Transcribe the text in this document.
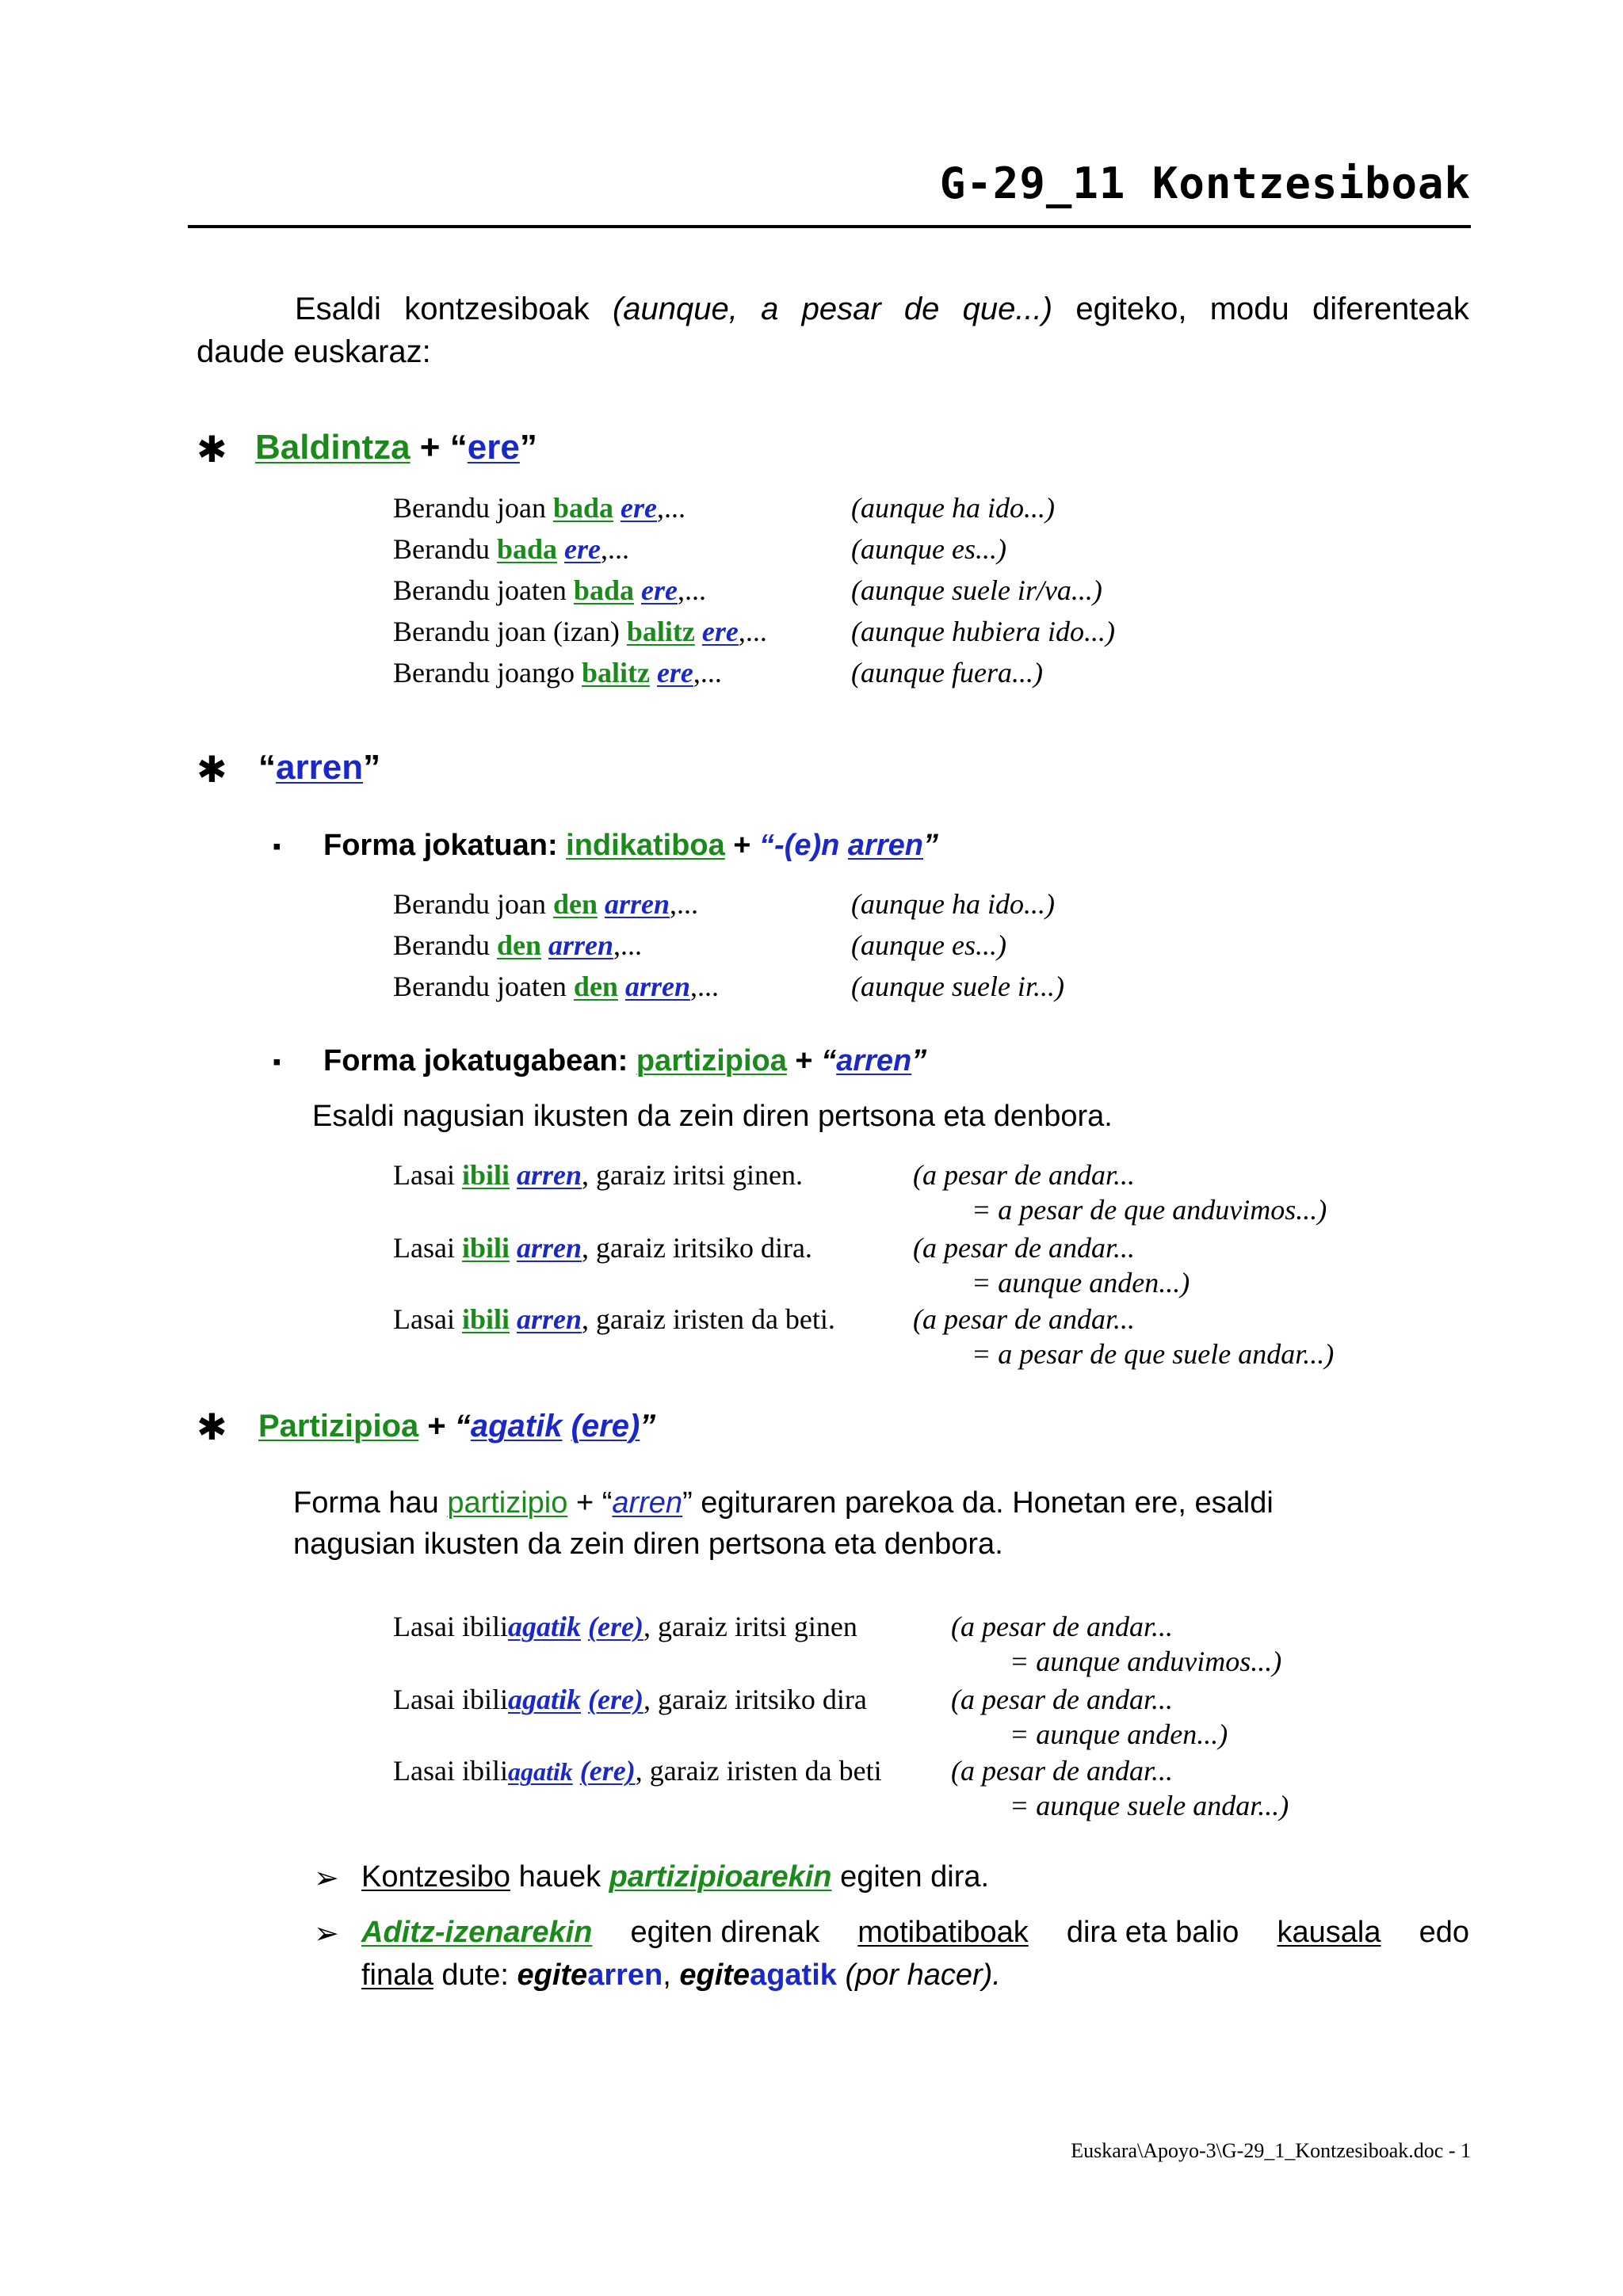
G-29_11 Kontzesiboak
Esaldi kontzesiboak (aunque, a pesar de que...) egiteko, modu diferenteak
daude euskaraz:
✱ Baldintza + “ere”
Berandu joan bada ere,...	(aunque ha ido...)
Berandu bada ere,...	(aunque es...)
Berandu joaten bada ere,...	(aunque suele ir/va...)
Berandu joan (izan) balitz ere,...	(aunque hubiera ido...)
Berandu joango balitz ere,...	(aunque fuera...)
✱ “arren”
▪ Forma jokatuan: indikatiboa + “-(e)n arren”
Berandu joan den arren,...	(aunque ha ido...)
Berandu den arren,...	(aunque es...)
Berandu joaten den arren,...	(aunque suele ir...)
▪ Forma jokatugabean: partizipioa + “arren”
Esaldi nagusian ikusten da zein diren pertsona eta denbora.
Lasai ibili arren, garaiz iritsi ginen.	(a pesar de andar...
= a pesar de que anduvimos...)
Lasai ibili arren, garaiz iritsiko dira.	(a pesar de andar...
= aunque anden...)
Lasai ibili arren, garaiz iristen da beti.	(a pesar de andar...
= a pesar de que suele andar...)
✱ Partizipioa + “agatik (ere)”
Forma hau partizipio + “arren” egituraren parekoa da. Honetan ere, esaldi
nagusian ikusten da zein diren pertsona eta denbora.
Lasai ibiliagatik (ere), garaiz iritsi ginen	(a pesar de andar...
= aunque anduvimos...)
Lasai ibiliagatik (ere), garaiz iritsiko dira	(a pesar de andar...
= aunque anden...)
Lasai ibiliagatik (ere), garaiz iristen da beti (a pesar de andar...
= aunque suele andar...)
➢ Kontzesibo hauek partizipioarekin egiten dira.
➢ Aditz-izenarekin egiten direnak motibatiboak dira eta balio kausala edo
finala dute: egitearren, egiteagatik (por hacer).
Euskara\Apoyo-3\G-29_1_Kontzesiboak.doc - 1
